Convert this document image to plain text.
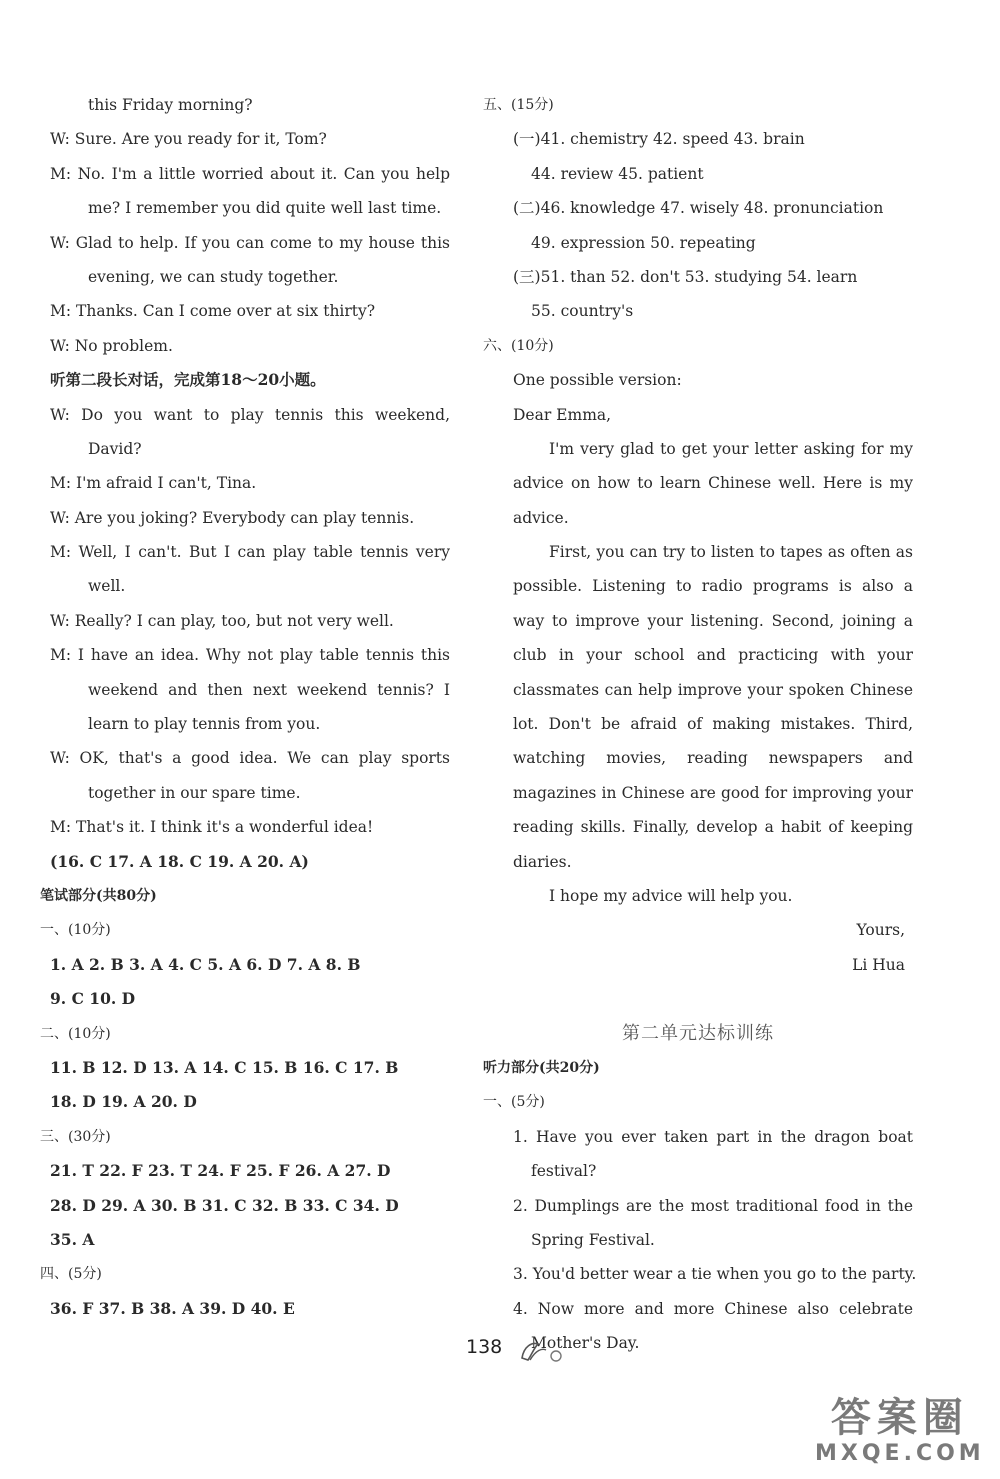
this Friday morning?
W: Sure. Are you ready for it, Tom?
M: No. I'm a little worried about it. Can you help
me? I remember you did quite well last time.
W: Glad to help. If you can come to my house this
evening, we can study together.
M: Thanks. Can I come over at six thirty?
W: No problem.
听第二段长对话，完成第18～20小题。
W: Do you want to play tennis this weekend,
David?
M: I'm afraid I can't, Tina.
W: Are you joking? Everybody can play tennis.
M: Well, I can't. But I can play table tennis very
well.
W: Really? I can play, too, but not very well.
M: I have an idea. Why not play table tennis this
weekend and then next weekend tennis? I
learn to play tennis from you.
W: OK, that's a good idea. We can play sports
together in our spare time.
M: That's it. I think it's a wonderful idea!
(16. C 17. A 18. C 19. A 20. A)
笔试部分(共80分)
一、(10分)
1. A 2. B 3. A 4. C 5. A 6. D 7. A 8. B
9. C 10. D
二、(10分)
11. B 12. D 13. A 14. C 15. B 16. C 17. B
18. D 19. A 20. D
三、(30分)
21. T 22. F 23. T 24. F 25. F 26. A 27. D
28. D 29. A 30. B 31. C 32. B 33. C 34. D
35. A
四、(5分)
36. F 37. B 38. A 39. D 40. E
五、(15分)
(一)41. chemistry 42. speed 43. brain
44. review 45. patient
(二)46. knowledge 47. wisely 48. pronunciation
49. expression 50. repeating
(三)51. than 52. don't 53. studying 54. learn
55. country's
六、(10分)
One possible version:
Dear Emma,
I'm very glad to get your letter asking for my
advice on how to learn Chinese well. Here is my
advice.
First, you can try to listen to tapes as often as
possible. Listening to radio programs is also a
way to improve your listening. Second, joining a
club in your school and practicing with your
classmates can help improve your spoken Chinese
lot. Don't be afraid of making mistakes. Third,
watching movies, reading newspapers and
magazines in Chinese are good for improving your
reading skills. Finally, develop a habit of keeping
diaries.
I hope my advice will help you.
Yours,
Li Hua
第二单元达标训练
听力部分(共20分)
一、(5分)
1. Have you ever taken part in the dragon boat
festival?
2. Dumplings are the most traditional food in the
Spring Festival.
3. You'd better wear a tie when you go to the party.
4. Now more and more Chinese also celebrate
Mother's Day.
138
答案圈
MXQE.COM
